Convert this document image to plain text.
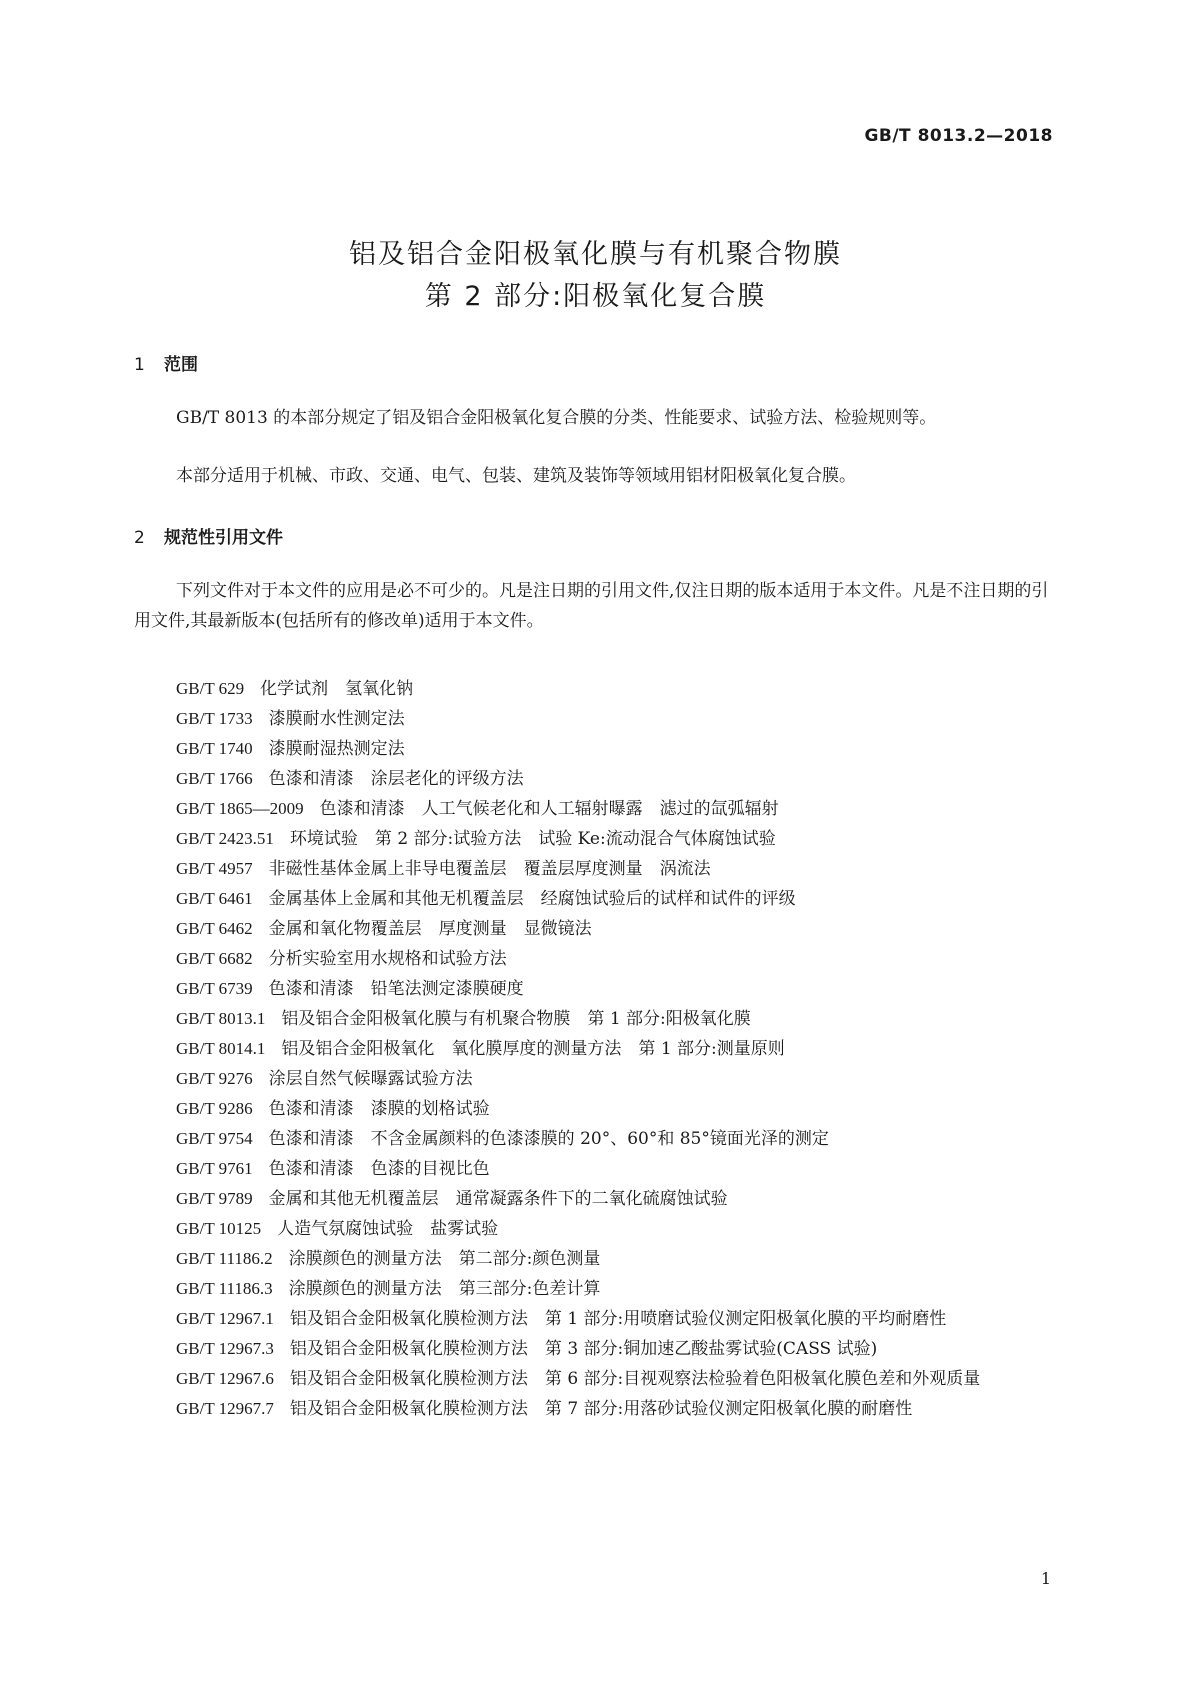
GB/T 8013.2—2018
铝及铝合金阳极氧化膜与有机聚合物膜
第 2 部分:阳极氧化复合膜
1 范围
GB/T 8013 的本部分规定了铝及铝合金阳极氧化复合膜的分类、性能要求、试验方法、检验规则等。
本部分适用于机械、市政、交通、电气、包装、建筑及装饰等领域用铝材阳极氧化复合膜。
2 规范性引用文件
下列文件对于本文件的应用是必不可少的。凡是注日期的引用文件,仅注日期的版本适用于本文件。凡是不注日期的引用文件,其最新版本(包括所有的修改单)适用于本文件。

GB/T 629 化学试剂　氢氧化钠

GB/T 1733 漆膜耐水性测定法

GB/T 1740 漆膜耐湿热测定法

GB/T 1766 色漆和清漆　涂层老化的评级方法

GB/T 1865—2009 色漆和清漆　人工气候老化和人工辐射曝露　滤过的氙弧辐射

GB/T 2423.51 环境试验　第 2 部分:试验方法　试验 Ke:流动混合气体腐蚀试验

GB/T 4957 非磁性基体金属上非导电覆盖层　覆盖层厚度测量　涡流法

GB/T 6461 金属基体上金属和其他无机覆盖层　经腐蚀试验后的试样和试件的评级

GB/T 6462 金属和氧化物覆盖层　厚度测量　显微镜法

GB/T 6682 分析实验室用水规格和试验方法

GB/T 6739 色漆和清漆　铅笔法测定漆膜硬度

GB/T 8013.1 铝及铝合金阳极氧化膜与有机聚合物膜　第 1 部分:阳极氧化膜

GB/T 8014.1 铝及铝合金阳极氧化　氧化膜厚度的测量方法　第 1 部分:测量原则

GB/T 9276 涂层自然气候曝露试验方法

GB/T 9286 色漆和清漆　漆膜的划格试验

GB/T 9754 色漆和清漆　不含金属颜料的色漆漆膜的 20°、60°和 85°镜面光泽的测定

GB/T 9761 色漆和清漆　色漆的目视比色

GB/T 9789 金属和其他无机覆盖层　通常凝露条件下的二氧化硫腐蚀试验

GB/T 10125 人造气氛腐蚀试验　盐雾试验

GB/T 11186.2 涂膜颜色的测量方法　第二部分:颜色测量

GB/T 11186.3 涂膜颜色的测量方法　第三部分:色差计算

GB/T 12967.1 铝及铝合金阳极氧化膜检测方法　第 1 部分:用喷磨试验仪测定阳极氧化膜的平均耐磨性

GB/T 12967.3 铝及铝合金阳极氧化膜检测方法　第 3 部分:铜加速乙酸盐雾试验(CASS 试验)

GB/T 12967.6 铝及铝合金阳极氧化膜检测方法　第 6 部分:目视观察法检验着色阳极氧化膜色差和外观质量

GB/T 12967.7 铝及铝合金阳极氧化膜检测方法　第 7 部分:用落砂试验仪测定阳极氧化膜的耐磨性

1
